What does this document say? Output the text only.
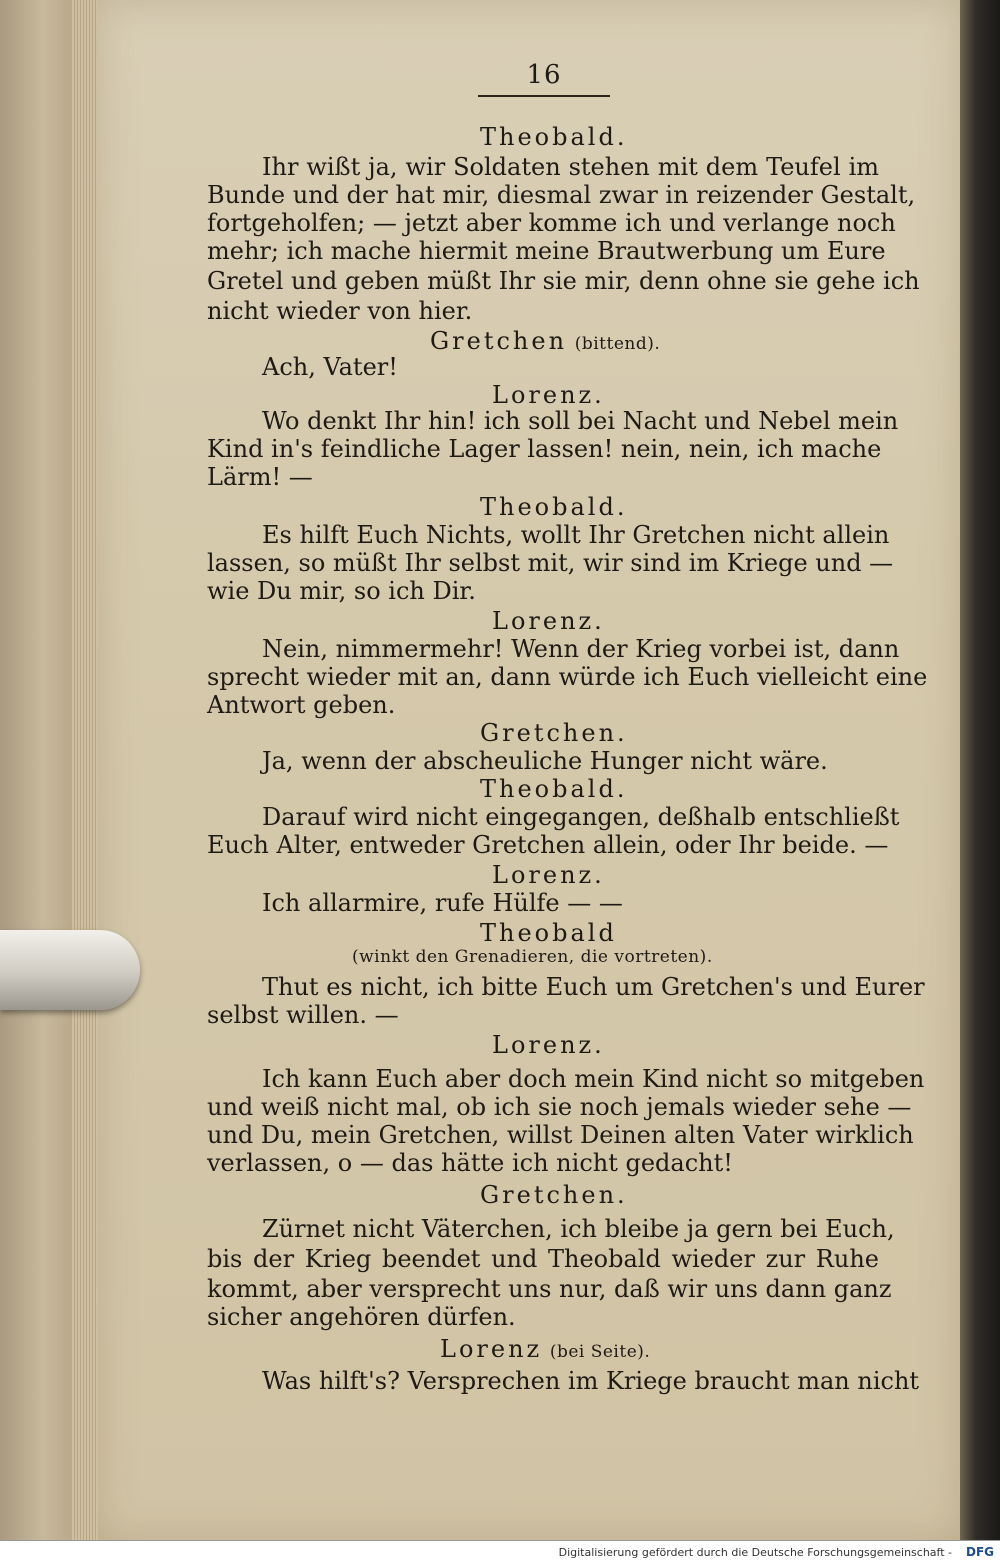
16
Theobald.
Ihr wißt ja, wir Soldaten stehen mit dem Teufel im
Bunde und der hat mir, diesmal zwar in reizender Gestalt,
fortgeholfen; — jetzt aber komme ich und verlange noch
mehr; ich mache hiermit meine Brautwerbung um Eure
Gretel und geben müßt Ihr sie mir, denn ohne sie gehe ich
nicht wieder von hier.
Gretchen (bittend).
Ach, Vater!
Lorenz.
Wo denkt Ihr hin! ich soll bei Nacht und Nebel mein
Kind in's feindliche Lager lassen! nein, nein, ich mache
Lärm! —
Theobald.
Es hilft Euch Nichts, wollt Ihr Gretchen nicht allein
lassen, so müßt Ihr selbst mit, wir sind im Kriege und —
wie Du mir, so ich Dir.
Lorenz.
Nein, nimmermehr! Wenn der Krieg vorbei ist, dann
sprecht wieder mit an, dann würde ich Euch vielleicht eine
Antwort geben.
Gretchen.
Ja, wenn der abscheuliche Hunger nicht wäre.
Theobald.
Darauf wird nicht eingegangen, deßhalb entschließt
Euch Alter, entweder Gretchen allein, oder Ihr beide. —
Lorenz.
Ich allarmire, rufe Hülfe — —
Theobald
(winkt den Grenadieren, die vortreten).
Thut es nicht, ich bitte Euch um Gretchen's und Eurer
selbst willen. —
Lorenz.
Ich kann Euch aber doch mein Kind nicht so mitgeben
und weiß nicht mal, ob ich sie noch jemals wieder sehe —
und Du, mein Gretchen, willst Deinen alten Vater wirklich
verlassen, o — das hätte ich nicht gedacht!
Gretchen.
Zürnet nicht Väterchen, ich bleibe ja gern bei Euch,
bis der Krieg beendet und Theobald wieder zur Ruhe
kommt, aber versprecht uns nur, daß wir uns dann ganz
sicher angehören dürfen.
Lorenz (bei Seite).
Was hilft's? Versprechen im Kriege braucht man nicht
Digitalisierung gefördert durch die Deutsche Forschungsgemeinschaft - DFG
